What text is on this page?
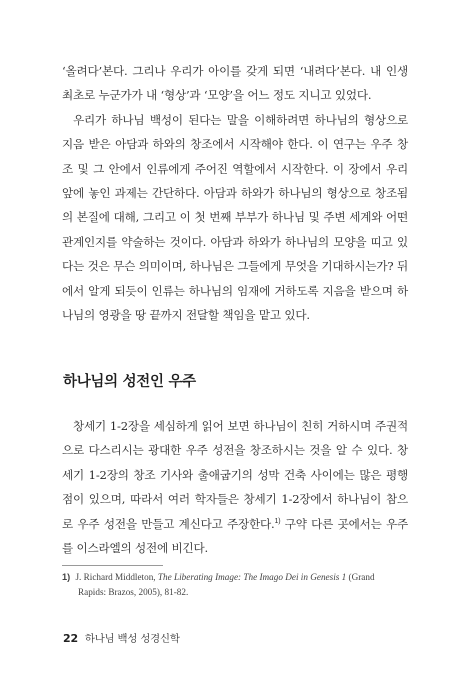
‘올려다’본다. 그리나 우리가 아이를 갖게 되면 ‘내려다’본다. 내 인생 최초로 누군가가 내 ‘형상’과 ‘모양’을 어느 정도 지니고 있었다.

우리가 하나님 백성이 된다는 말을 이해하려면 하나님의 형상으로 지음 받은 아담과 하와의 창조에서 시작해야 한다. 이 연구는 우주 창조 및 그 안에서 인류에게 주어진 역할에서 시작한다. 이 장에서 우리 앞에 놓인 과제는 간단하다. 아담과 하와가 하나님의 형상으로 창조됨의 본질에 대해, 그리고 이 첫 번째 부부가 하나님 및 주변 세계와 어떤 관계인지를 약술하는 것이다. 아담과 하와가 하나님의 모양을 띠고 있다는 것은 무슨 의미이며, 하나님은 그들에게 무엇을 기대하시는가? 뒤에서 알게 되듯이 인류는 하나님의 임재에 거하도록 지음을 받으며 하나님의 영광을 땅 끝까지 전달할 책임을 맡고 있다.

하나님의 성전인 우주

창세기 1-2장을 세심하게 읽어 보면 하나님이 친히 거하시며 주권적으로 다스리시는 광대한 우주 성전을 창조하시는 것을 알 수 있다. 창세기 1-2장의 창조 기사와 출애굽기의 성막 건축 사이에는 많은 평행점이 있으며, 따라서 여러 학자들은 창세기 1-2장에서 하나님이 참으로 우주 성전을 만들고 계신다고 주장한다.$^{1)}$ 구약 다른 곳에서는 우주를 이스라엘의 성전에 비긴다.

1) J. Richard Middleton, The Liberating Image: The Imago Dei in Genesis 1 (Grand
Rapids: Brazos, 2005), 81-82.
22 하나님 백성 성경신학
